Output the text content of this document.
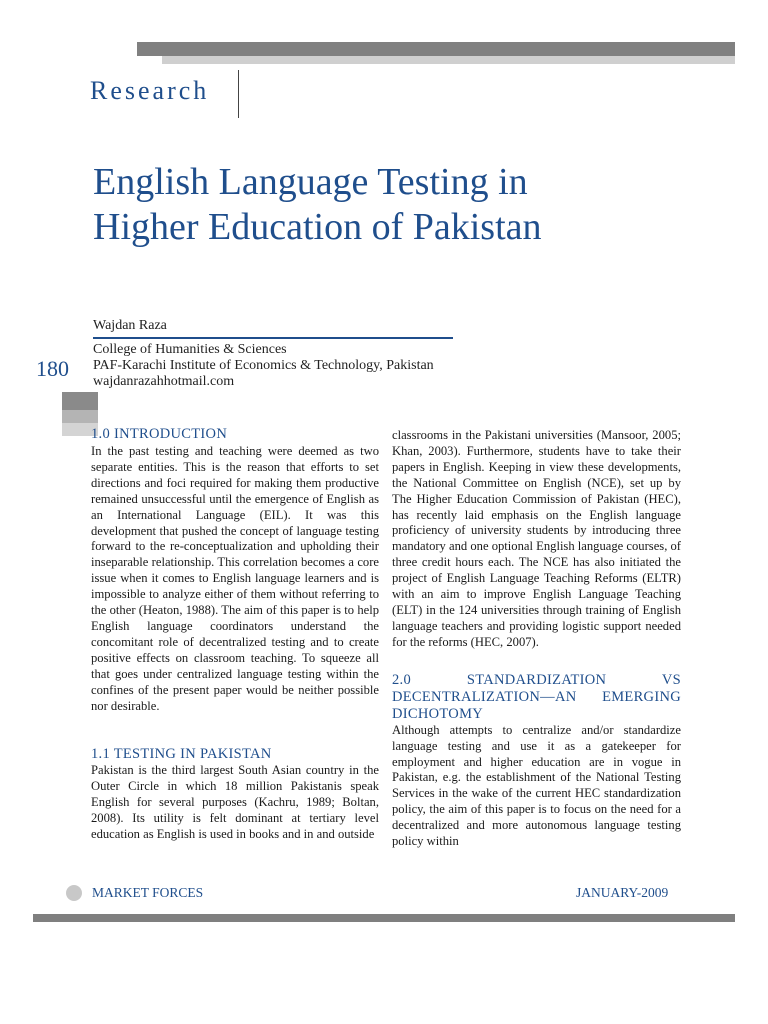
Research
English Language Testing in
Higher Education of Pakistan
Wajdan Raza
College of Humanities & Sciences
PAF-Karachi Institute of Economics & Technology, Pakistan
wajdanrazahhotmail.com
180
1.0 INTRODUCTION

In the past testing and teaching were deemed as two separate entities. This is the reason that efforts to set directions and foci required for making them productive remained unsuccessful until the emergence of English as an International Language (EIL). It was this development that pushed the concept of language testing forward to the re-conceptualization and upholding their inseparable relationship. This correlation becomes a core issue when it comes to English language learners and is impossible to analyze either of them without referring to the other (Heaton, 1988). The aim of this paper is to help English language coordinators understand the concomitant role of decentralized testing and to create positive effects on classroom teaching. To squeeze all that goes under centralized language testing within the confines of the present paper would be neither possible nor desirable.

1.1 TESTING IN PAKISTAN

Pakistan is the third largest South Asian country in the Outer Circle in which 18 million Pakistanis speak English for several purposes (Kachru, 1989; Boltan, 2008). Its utility is felt dominant at tertiary level education as English is used in books and in and outside

classrooms in the Pakistani universities (Mansoor, 2005; Khan, 2003). Furthermore, students have to take their papers in English. Keeping in view these developments, the National Committee on English (NCE), set up by The Higher Education Commission of Pakistan (HEC), has recently laid emphasis on the English language proficiency of university students by introducing three mandatory and one optional English language courses, of three credit hours each. The NCE has also initiated the project of English Language Teaching Reforms (ELTR) with an aim to improve English Language Teaching (ELT) in the 124 universities through training of English language teachers and providing logistic support needed for the reforms (HEC, 2007).

2.0 STANDARDIZATION VS DECENTRALIZATION—AN EMERGING DICHOTOMY

Although attempts to centralize and/or standardize language testing and use it as a gatekeeper for employment and higher education are in vogue in Pakistan, e.g. the establishment of the National Testing Services in the wake of the current HEC standardization policy, the aim of this paper is to focus on the need for a decentralized and more autonomous language testing policy within

MARKET FORCES	JANUARY-2009
